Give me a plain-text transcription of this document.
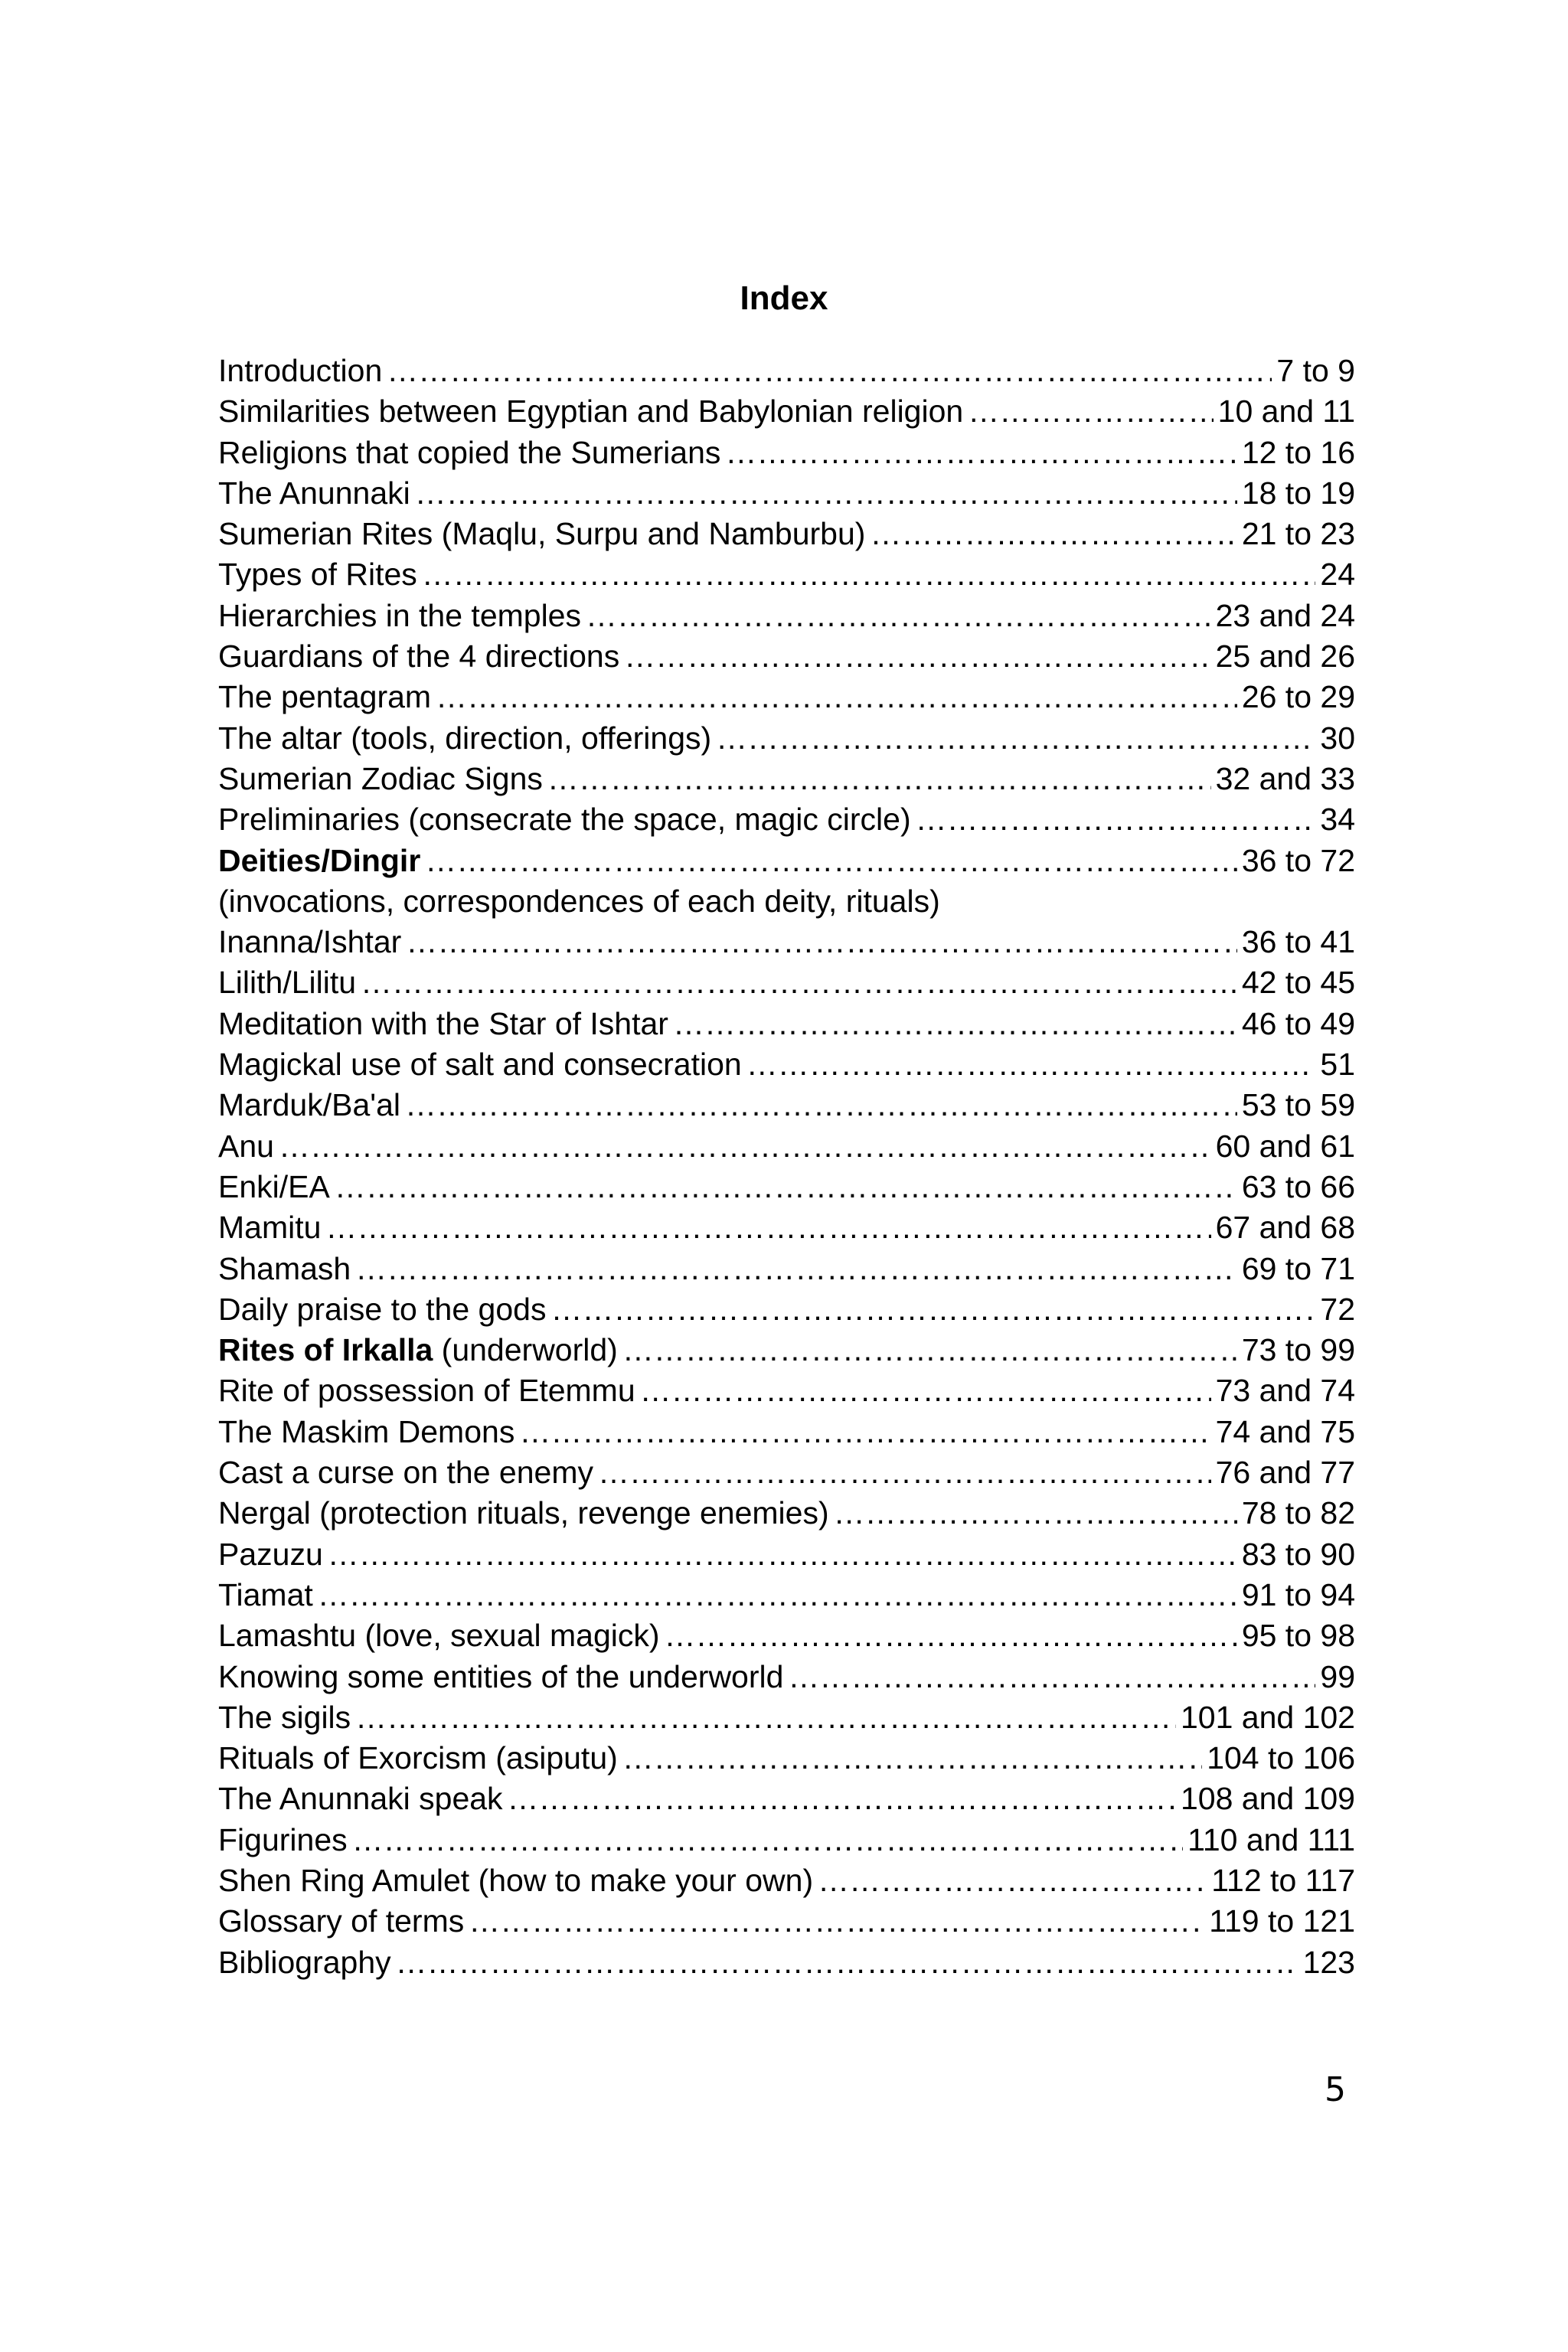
Index
Introduction ………………………………………………………………………………………………………………………………………………………………………………	7 to 9
Similarities between Egyptian and Babylonian religion ………………………………………………………………………………………………………………………………………………………………………………	10 and 11
Religions that copied the Sumerians ………………………………………………………………………………………………………………………………………………………………………………	12 to 16
The Anunnaki ………………………………………………………………………………………………………………………………………………………………………………	18 to 19
Sumerian Rites (Maqlu, Surpu and Namburbu) ………………………………………………………………………………………………………………………………………………………………………………	21 to 23
Types of Rites ………………………………………………………………………………………………………………………………………………………………………………	24
Hierarchies in the temples ………………………………………………………………………………………………………………………………………………………………………………	23 and 24
Guardians of the 4 directions ………………………………………………………………………………………………………………………………………………………………………………	25 and 26
The pentagram ………………………………………………………………………………………………………………………………………………………………………………	26 to 29
The altar (tools, direction, offerings) ………………………………………………………………………………………………………………………………………………………………………………	30
Sumerian Zodiac Signs ………………………………………………………………………………………………………………………………………………………………………………	32 and 33
Preliminaries (consecrate the space, magic circle) ………………………………………………………………………………………………………………………………………………………………………………	34
Deities/Dingir ………………………………………………………………………………………………………………………………………………………………………………	36 to 72
(invocations, correspondences of each deity, rituals)
Inanna/Ishtar ………………………………………………………………………………………………………………………………………………………………………………	36 to 41
Lilith/Lilitu ………………………………………………………………………………………………………………………………………………………………………………	42 to 45
Meditation with the Star of Ishtar ………………………………………………………………………………………………………………………………………………………………………………	46 to 49
Magickal use of salt and consecration ………………………………………………………………………………………………………………………………………………………………………………	51
Marduk/Ba'al ………………………………………………………………………………………………………………………………………………………………………………	53 to 59
Anu ………………………………………………………………………………………………………………………………………………………………………………	60 and 61
Enki/EA ………………………………………………………………………………………………………………………………………………………………………………	63 to 66
Mamitu ………………………………………………………………………………………………………………………………………………………………………………	67 and 68
Shamash ………………………………………………………………………………………………………………………………………………………………………………	69 to 71
Daily praise to the gods ………………………………………………………………………………………………………………………………………………………………………………	72
Rites of Irkalla (underworld) ………………………………………………………………………………………………………………………………………………………………………………	73 to 99
Rite of possession of Etemmu ………………………………………………………………………………………………………………………………………………………………………………	73 and 74
The Maskim Demons ………………………………………………………………………………………………………………………………………………………………………………	74 and 75
Cast a curse on the enemy ………………………………………………………………………………………………………………………………………………………………………………	76 and 77
Nergal (protection rituals, revenge enemies) ………………………………………………………………………………………………………………………………………………………………………………	78 to 82
Pazuzu ………………………………………………………………………………………………………………………………………………………………………………	83 to 90
Tiamat ………………………………………………………………………………………………………………………………………………………………………………	91 to 94
Lamashtu (love, sexual magick) ………………………………………………………………………………………………………………………………………………………………………………	95 to 98
Knowing some entities of the underworld ………………………………………………………………………………………………………………………………………………………………………………	99
The sigils ………………………………………………………………………………………………………………………………………………………………………………	101 and 102
Rituals of Exorcism (asiputu) ………………………………………………………………………………………………………………………………………………………………………………	104 to 106
The Anunnaki speak ………………………………………………………………………………………………………………………………………………………………………………	108 and 109
Figurines ………………………………………………………………………………………………………………………………………………………………………………	110 and 111
Shen Ring Amulet (how to make your own) ………………………………………………………………………………………………………………………………………………………………………………	112 to 117
Glossary of terms ………………………………………………………………………………………………………………………………………………………………………………	119 to 121
Bibliography ………………………………………………………………………………………………………………………………………………………………………………	123
5
